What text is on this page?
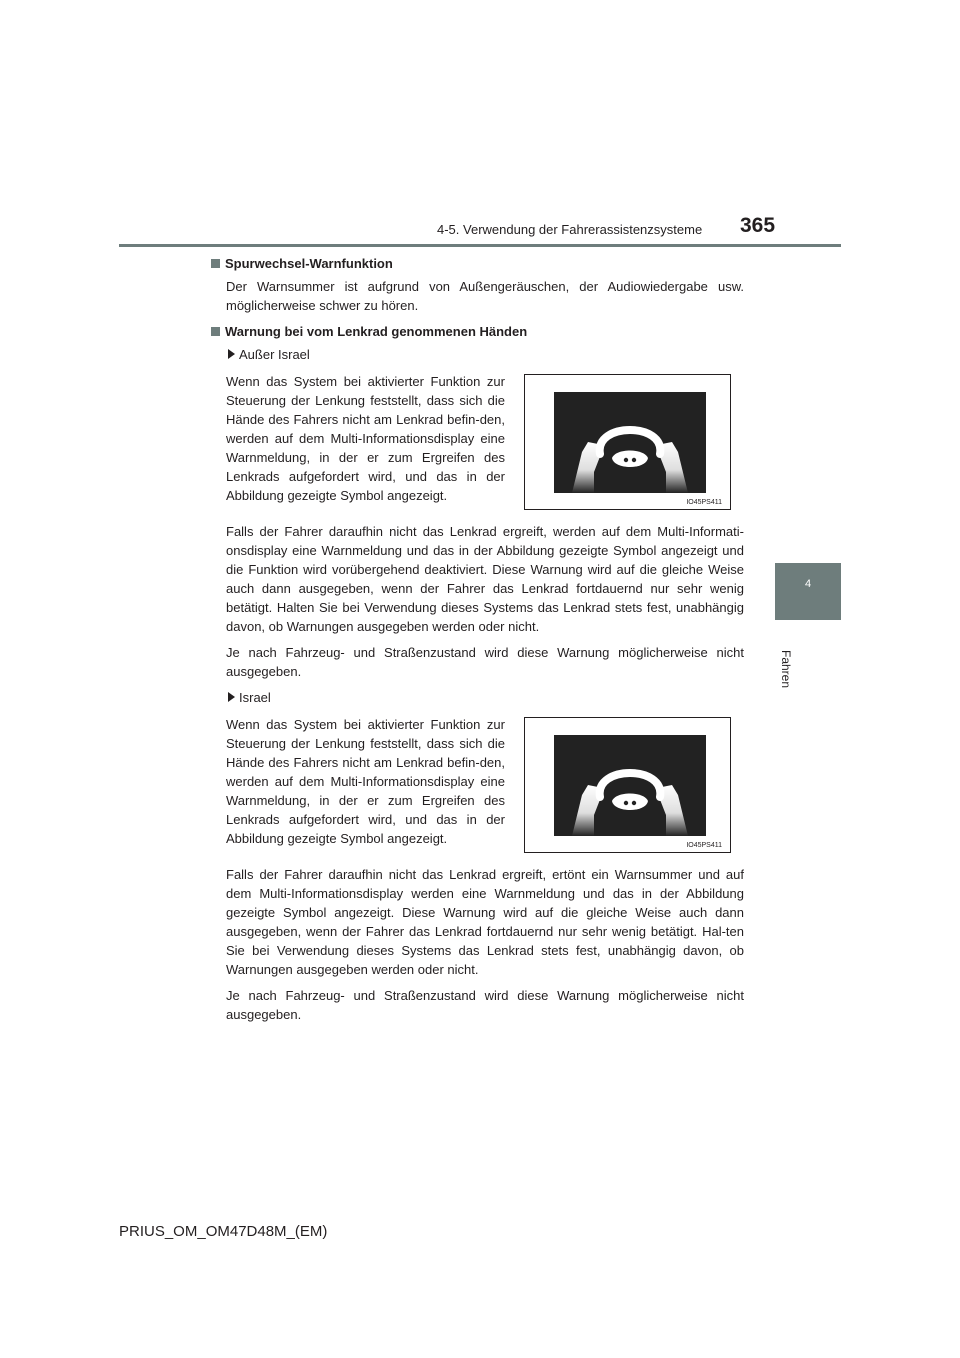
4-5. Verwendung der Fahrerassistenzsysteme 365
4
Fahren
Spurwechsel-Warnfunktion

Der Warnsummer ist aufgrund von Außengeräuschen, der Audiowiedergabe usw. möglicherweise schwer zu hören.

Warnung bei vom Lenkrad genommenen Händen
Außer Israel
Wenn das System bei aktivierter Funktion zur Steuerung der Lenkung feststellt, dass sich die Hände des Fahrers nicht am Lenkrad befin-den, werden auf dem Multi-Informationsdisplay eine Warnmeldung, in der er zum Ergreifen des Lenkrads aufgefordert wird, und das in der Abbildung gezeigte Symbol angezeigt.	IO45PS411

Falls der Fahrer daraufhin nicht das Lenkrad ergreift, werden auf dem Multi-Informati-onsdisplay eine Warnmeldung und das in der Abbildung gezeigte Symbol angezeigt und die Funktion wird vorübergehend deaktiviert. Diese Warnung wird auf die gleiche Weise auch dann ausgegeben, wenn der Fahrer das Lenkrad fortdauernd nur sehr wenig betätigt. Halten Sie bei Verwendung dieses Systems das Lenkrad stets fest, unabhängig davon, ob Warnungen ausgegeben werden oder nicht.

Je nach Fahrzeug- und Straßenzustand wird diese Warnung möglicherweise nicht ausgegeben.

Israel
Wenn das System bei aktivierter Funktion zur Steuerung der Lenkung feststellt, dass sich die Hände des Fahrers nicht am Lenkrad befin-den, werden auf dem Multi-Informationsdisplay eine Warnmeldung, in der er zum Ergreifen des Lenkrads aufgefordert wird, und das in der Abbildung gezeigte Symbol angezeigt.	IO45PS411

Falls der Fahrer daraufhin nicht das Lenkrad ergreift, ertönt ein Warnsummer und auf dem Multi-Informationsdisplay werden eine Warnmeldung und das in der Abbildung gezeigte Symbol angezeigt. Diese Warnung wird auf die gleiche Weise auch dann ausgegeben, wenn der Fahrer das Lenkrad fortdauernd nur sehr wenig betätigt. Hal-ten Sie bei Verwendung dieses Systems das Lenkrad stets fest, unabhängig davon, ob Warnungen ausgegeben werden oder nicht.

Je nach Fahrzeug- und Straßenzustand wird diese Warnung möglicherweise nicht ausgegeben.

PRIUS_OM_OM47D48M_(EM)
